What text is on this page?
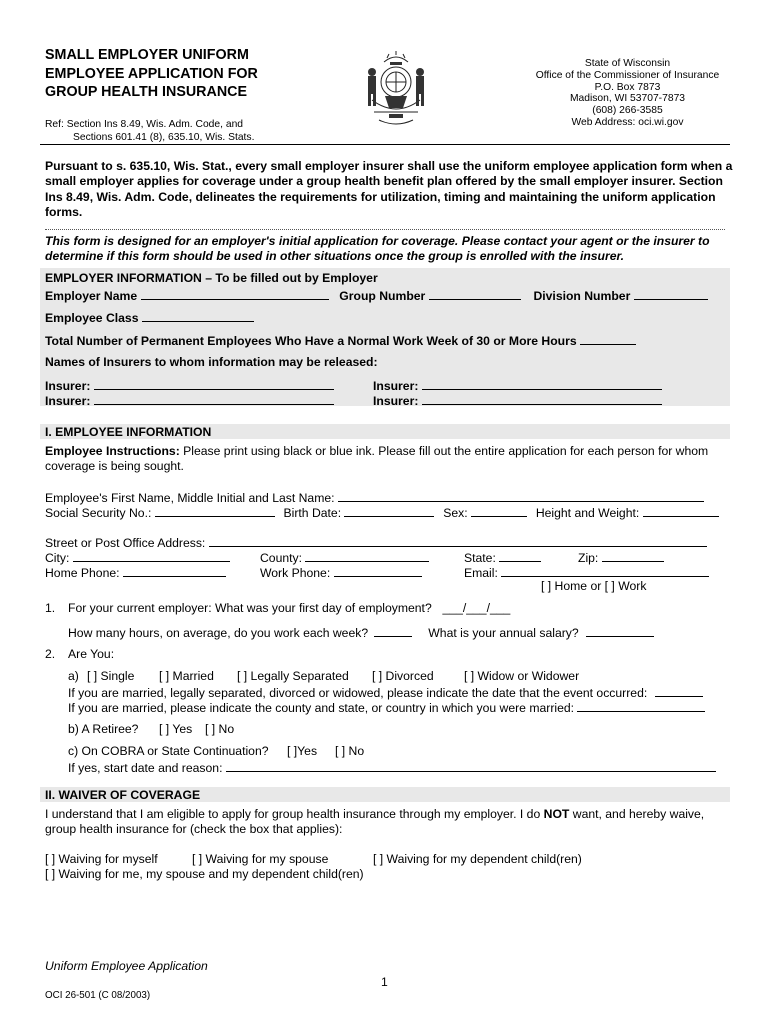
SMALL EMPLOYER UNIFORM
EMPLOYEE APPLICATION FOR
GROUP HEALTH INSURANCE
Ref: Section Ins 8.49, Wis. Adm. Code, and
Sections 601.41 (8), 635.10, Wis. Stats.
State of Wisconsin
Office of the Commissioner of Insurance
P.O. Box 7873
Madison, WI 53707-7873
(608) 266-3585
Web Address: oci.wi.gov
Pursuant to s. 635.10, Wis. Stat., every small employer insurer shall use the uniform employee application form when a small employer applies for coverage under a group health benefit plan offered by the small employer insurer. Section Ins 8.49, Wis. Adm. Code, delineates the requirements for utilization, timing and maintaining the uniform application forms.
This form is designed for an employer's initial application for coverage. Please contact your agent or the insurer to determine if this form should be used in other situations once the group is enrolled with the insurer.
EMPLOYER INFORMATION – To be filled out by Employer
Employer Name	Group Number	Division Number
Employee Class
Total Number of Permanent Employees Who Have a Normal Work Week of 30 or More Hours
Names of Insurers to whom information may be released:
Insurer:
Insurer:
Insurer:
Insurer:
I. EMPLOYEE INFORMATION
Employee Instructions: Please print using black or blue ink. Please fill out the entire application for each person for whom coverage is being sought.
Employee's First Name, Middle Initial and Last Name:
Social Security No.:	Birth Date:	Sex:	Height and Weight:
Street or Post Office Address:
City:	County:	State:	Zip:
Home Phone:	Work Phone:	Email:
[ ] Home or [ ] Work
1. For your current employer: What was your first day of employment? ___/___/___
How many hours, on average, do you work each week?	What is your annual salary?
2. Are You:
a) [ ] Single [ ] Married [ ] Legally Separated [ ] Divorced [ ] Widow or Widower
If you are married, legally separated, divorced or widowed, please indicate the date that the event occurred:
If you are married, please indicate the county and state, or country in which you were married:
b) A Retiree? [ ] Yes [ ] No
c) On COBRA or State Continuation? [ ]Yes [ ] No
If yes, start date and reason:
II. WAIVER OF COVERAGE
I understand that I am eligible to apply for group health insurance through my employer. I do NOT want, and hereby waive, group health insurance for (check the box that applies):
[ ] Waiving for myself	[ ] Waiving for my spouse	[ ] Waiving for my dependent child(ren)
[ ] Waiving for me, my spouse and my dependent child(ren)
Uniform Employee Application
1
OCI 26-501 (C 08/2003)
